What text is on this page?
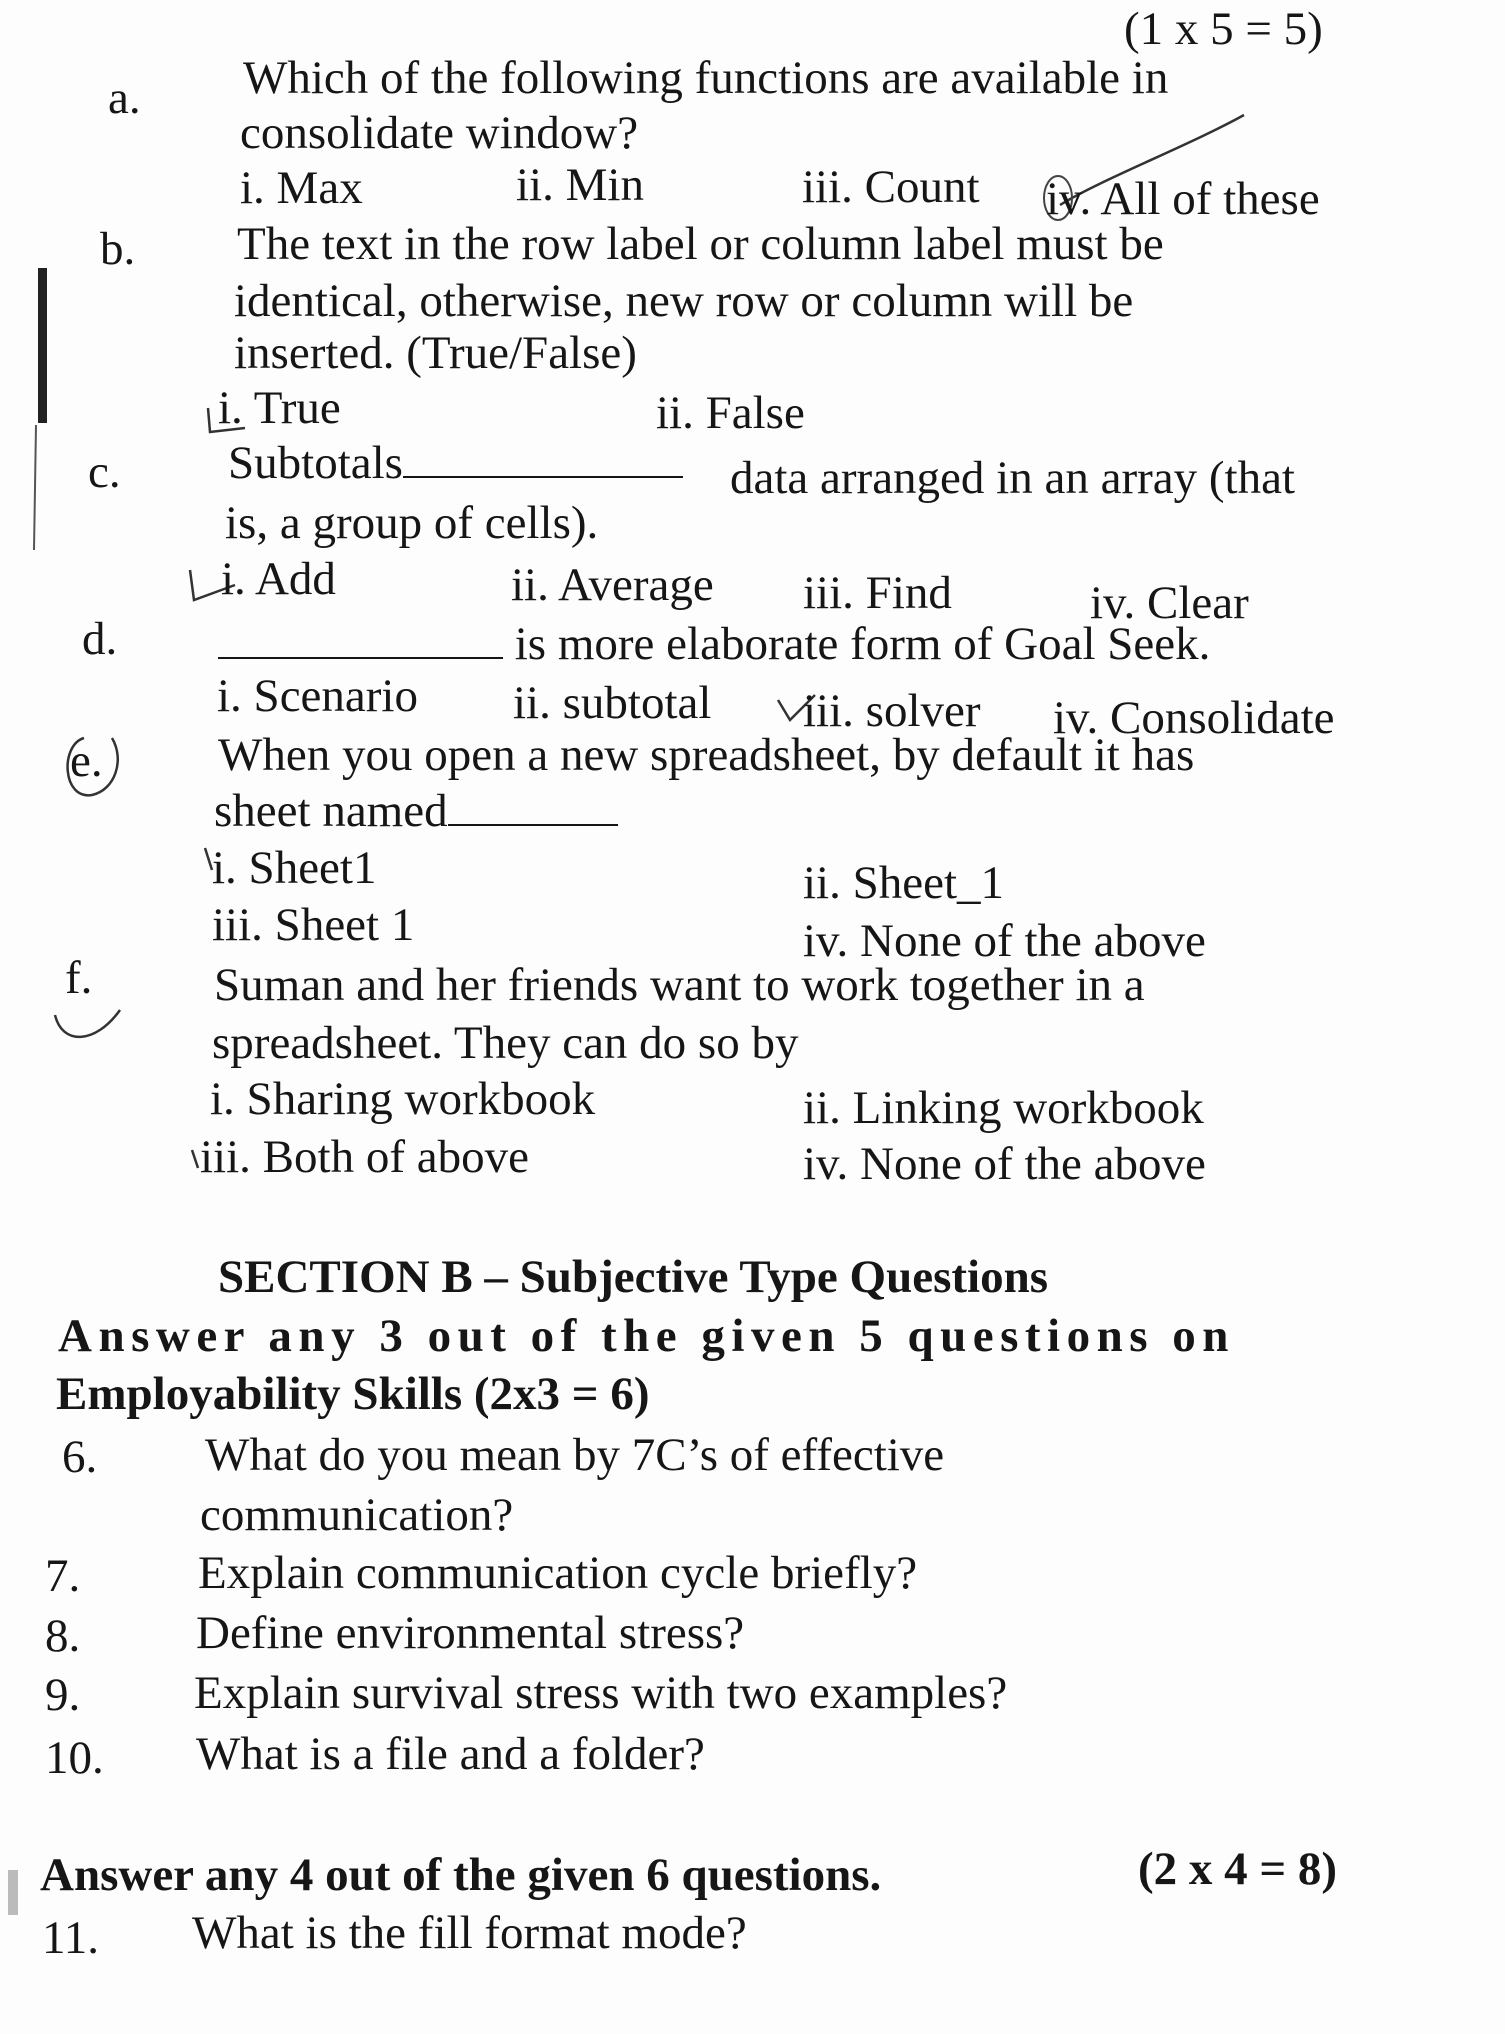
(1 x 5 = 5)
a. Which of the following functions are available in
consolidate window?
i. Max	ii. Min	iii. Count iv. All of these
b. The text in the row label or column label must be
identical, otherwise, new row or column will be
inserted. (True/False)
i. True	ii. False
c. Subtotals	data arranged in an array (that
is, a group of cells).
i. Add	ii. Average iii. Find	iv. Clear
d.	is more elaborate form of Goal Seek.
i. Scenario ii. subtotal iii. solver iv. Consolidate
e. When you open a new spreadsheet, by default it has
sheet named
i. Sheet1	ii. Sheet_1
iii. Sheet 1	iv. None of the above
f.	Suman and her friends want to work together in a
spreadsheet. They can do so by
i. Sharing workbook	ii. Linking workbook
iii. Both of above	iv. None of the above
SECTION B – Subjective Type Questions
Answer any 3 out of the given 5 questions on
Employability Skills (2x3 = 6)
6. What do you mean by 7C’s of effective
communication?
7.	Explain communication cycle briefly?
8. Define environmental stress?
9. Explain survival stress with two examples?
10. What is a file and a folder?
Answer any 4 out of the given 6 questions.	(2 x 4 = 8)
11. What is the fill format mode?
